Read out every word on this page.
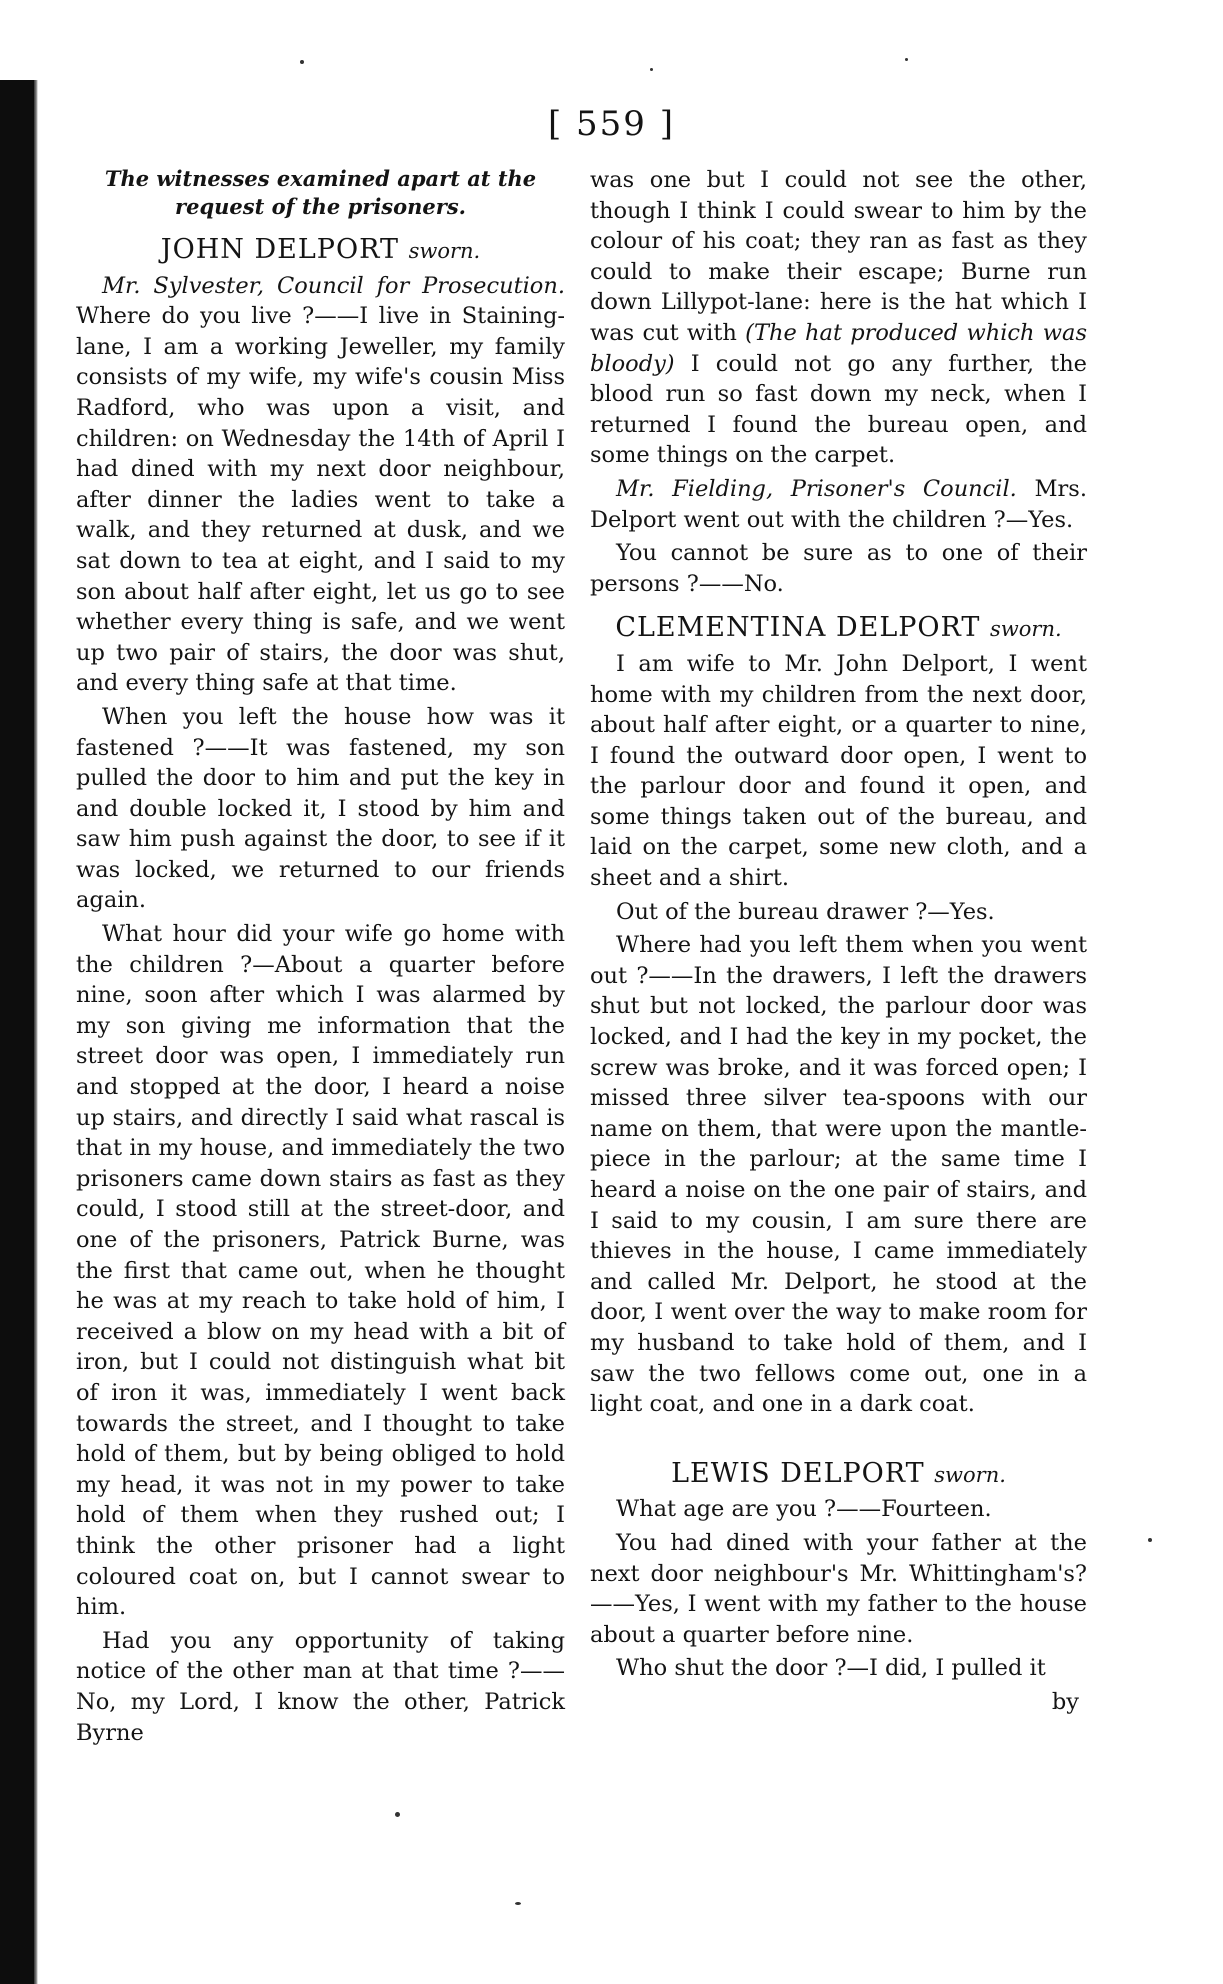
[ 559 ]
The witnesses examined apart at the request of the prisoners.
JOHN DELPORT sworn.

Mr. Sylvester, Council for Prosecution. Where do you live ?——I live in Staining-lane, I am a working Jeweller, my family consists of my wife, my wife's cousin Miss Radford, who was upon a visit, and children: on Wednesday the 14th of April I had dined with my next door neighbour, after dinner the ladies went to take a walk, and they returned at dusk, and we sat down to tea at eight, and I said to my son about half after eight, let us go to see whether every thing is safe, and we went up two pair of stairs, the door was shut, and every thing safe at that time.

When you left the house how was it fastened ?——It was fastened, my son pulled the door to him and put the key in and double locked it, I stood by him and saw him push against the door, to see if it was locked, we returned to our friends again.

What hour did your wife go home with the children ?—About a quarter before nine, soon after which I was alarmed by my son giving me information that the street door was open, I immediately run and stopped at the door, I heard a noise up stairs, and directly I said what rascal is that in my house, and immediately the two prisoners came down stairs as fast as they could, I stood still at the street-door, and one of the prisoners, Patrick Burne, was the first that came out, when he thought he was at my reach to take hold of him, I received a blow on my head with a bit of iron, but I could not distinguish what bit of iron it was, immediately I went back towards the street, and I thought to take hold of them, but by being obliged to hold my head, it was not in my power to take hold of them when they rushed out; I think the other prisoner had a light coloured coat on, but I cannot swear to him.

Had you any opportunity of taking notice of the other man at that time ?——No, my Lord, I know the other, Patrick Byrne

was one but I could not see the other, though I think I could swear to him by the colour of his coat; they ran as fast as they could to make their escape; Burne run down Lillypot-lane: here is the hat which I was cut with (The hat produced which was bloody) I could not go any further, the blood run so fast down my neck, when I returned I found the bureau open, and some things on the carpet.

Mr. Fielding, Prisoner's Council. Mrs. Delport went out with the children ?—Yes.

You cannot be sure as to one of their persons ?——No.

CLEMENTINA DELPORT sworn.

I am wife to Mr. John Delport, I went home with my children from the next door, about half after eight, or a quarter to nine, I found the outward door open, I went to the parlour door and found it open, and some things taken out of the bureau, and laid on the carpet, some new cloth, and a sheet and a shirt.

Out of the bureau drawer ?—Yes.

Where had you left them when you went out ?——In the drawers, I left the drawers shut but not locked, the parlour door was locked, and I had the key in my pocket, the screw was broke, and it was forced open; I missed three silver tea-spoons with our name on them, that were upon the mantle-piece in the parlour; at the same time I heard a noise on the one pair of stairs, and I said to my cousin, I am sure there are thieves in the house, I came immediately and called Mr. Delport, he stood at the door, I went over the way to make room for my husband to take hold of them, and I saw the two fellows come out, one in a light coat, and one in a dark coat.

LEWIS DELPORT sworn.

What age are you ?——Fourteen.

You had dined with your father at the next door neighbour's Mr. Whittingham's? ——Yes, I went with my father to the house about a quarter before nine.

Who shut the door ?—I did, I pulled it

by
